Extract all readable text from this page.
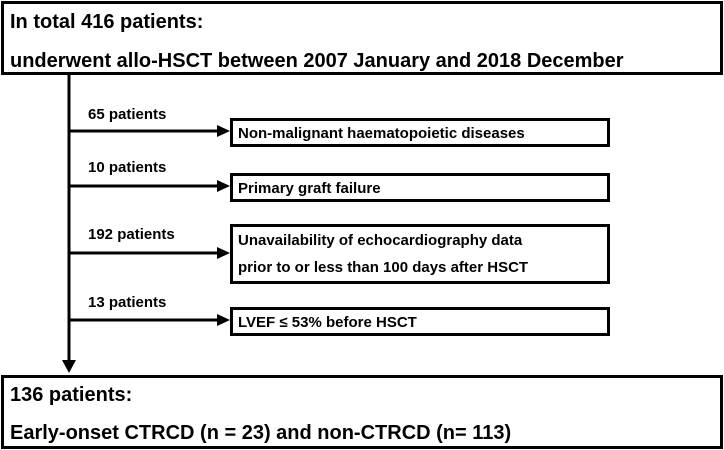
In total 416 patients:
underwent allo-HSCT between 2007 January and 2018 December
65 patients
10 patients
192 patients
13 patients
Non-malignant haematopoietic diseases
Primary graft failure
Unavailability of echocardiography data
prior to or less than 100 days after HSCT
LVEF ≤ 53% before HSCT
136 patients:
Early-onset CTRCD (n = 23) and non-CTRCD (n= 113)
